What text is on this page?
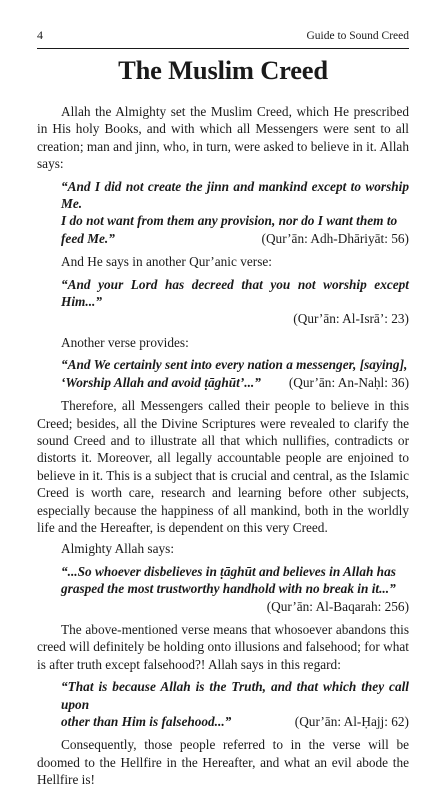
4	Guide to Sound Creed
The Muslim Creed

Allah the Almighty set the Muslim Creed, which He prescribed in His holy Books, and with which all Messengers were sent to all creation; man and jinn, who, in turn, were asked to believe in it. Allah says:

“And I did not create the jinn and mankind except to worship Me.
I do not want from them any provision, nor do I want them to
feed Me.”	(Qur’ān: Adh-Dhāriyāt: 56)

And He says in another Qur’anic verse:

“And your Lord has decreed that you not worship except Him...”
(Qur’ān: Al-Isrā’: 23)

Another verse provides:

“And We certainly sent into every nation a messenger, [saying],
‘Worship Allah and avoid ṭāghūt’...” (Qur’ān: An-Naḥl: 36)

Therefore, all Messengers called their people to believe in this Creed; besides, all the Divine Scriptures were revealed to clarify the sound Creed and to illustrate all that which nullifies, contradicts or distorts it. Moreover, all legally accountable people are enjoined to believe in it. This is a subject that is crucial and central, as the Islamic Creed is worth care, research and learning before other subjects, especially because the happiness of all mankind, both in the worldly life and the Hereafter, is dependent on this very Creed.

Almighty Allah says:

“...So whoever disbelieves in ṭāghūt and believes in Allah has
grasped the most trustworthy handhold with no break in it...”
(Qur’ān: Al-Baqarah: 256)

The above-mentioned verse means that whosoever abandons this creed will definitely be holding onto illusions and falsehood; for what is after truth except falsehood?! Allah says in this regard:

“That is because Allah is the Truth, and that which they call upon
other than Him is falsehood...”	(Qur’ān: Al-Ḥajj: 62)

Consequently, those people referred to in the verse will be doomed to the Hellfire in the Hereafter, and what an evil abode the Hellfire is!
